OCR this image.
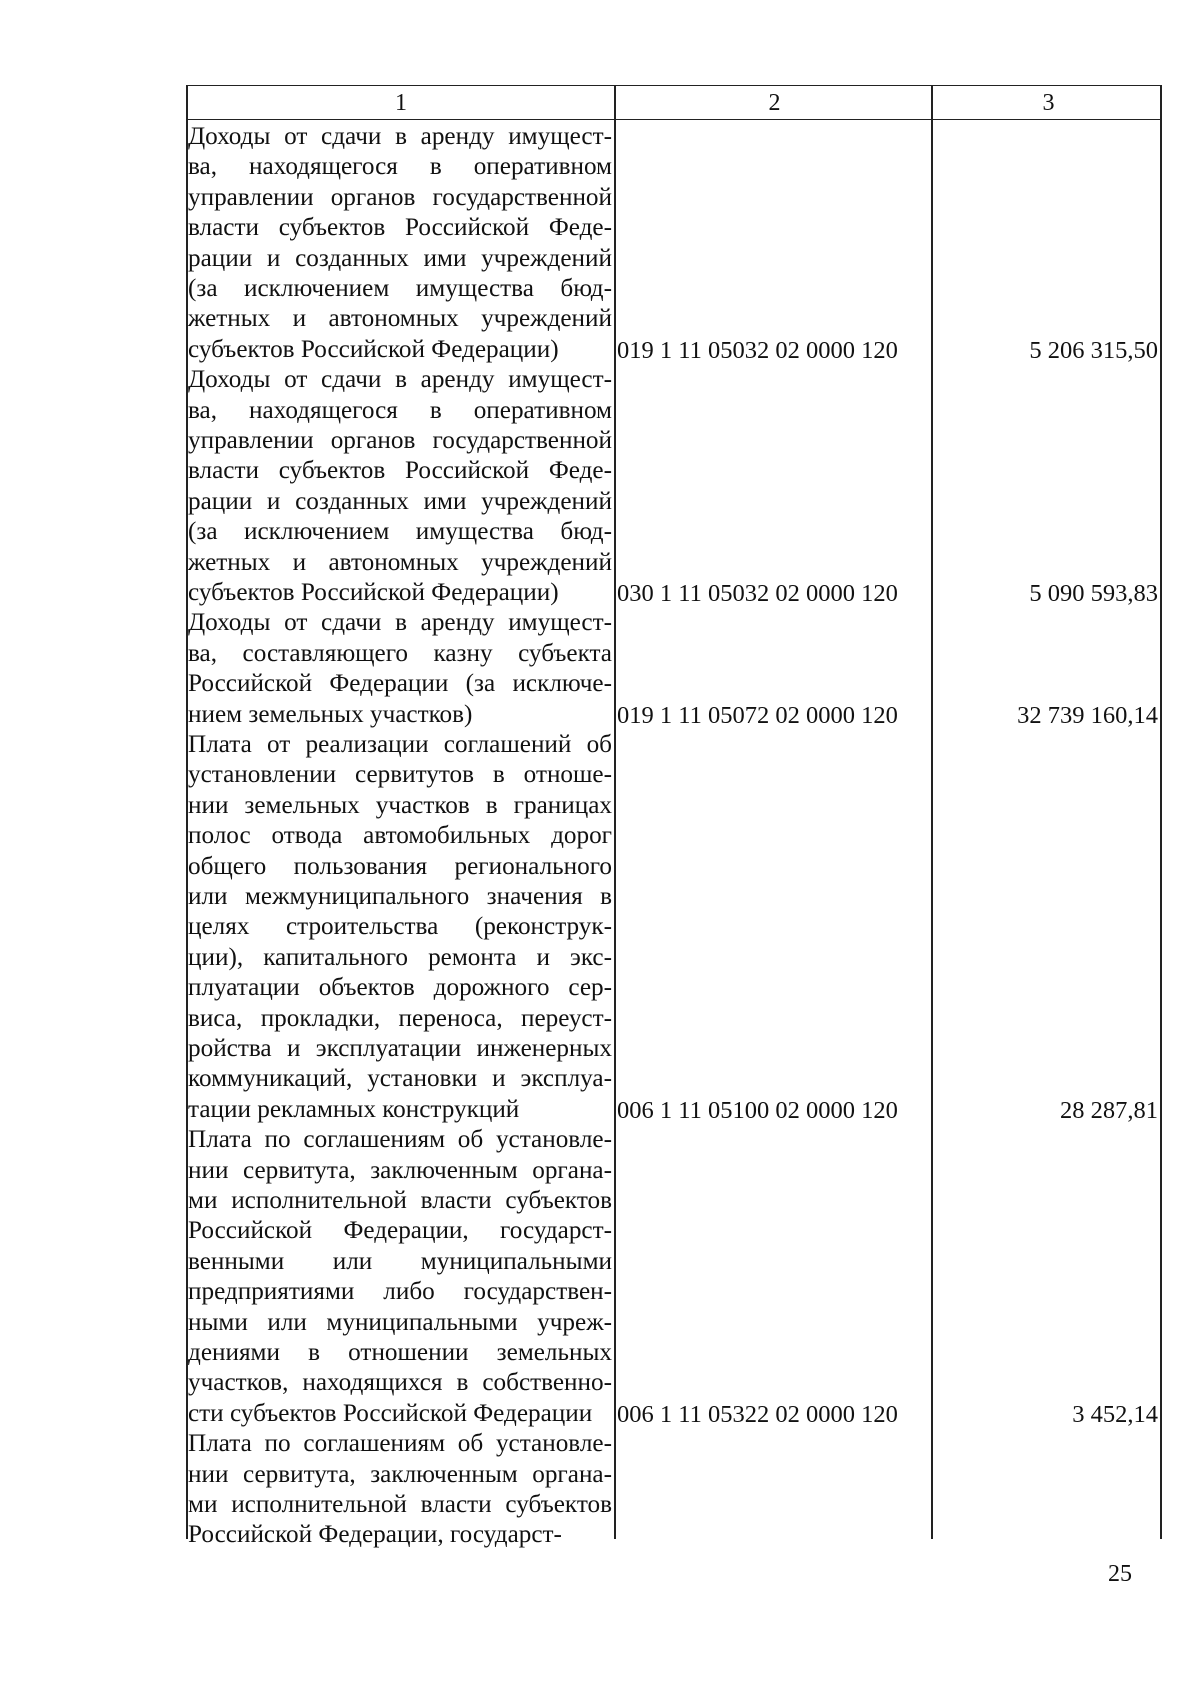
1	2	3
Доходы от сдачи в аренду имущест-
ва, находящегося в оперативном
управлении органов государственной
власти субъектов Российской Феде-
рации и созданных ими учреждений
(за исключением имущества бюд-
жетных и автономных учреждений
субъектов Российской Федерации)	019 1 11 05032 02 0000 120	5 206 315,50
Доходы от сдачи в аренду имущест-
ва, находящегося в оперативном
управлении органов государственной
власти субъектов Российской Феде-
рации и созданных ими учреждений
(за исключением имущества бюд-
жетных и автономных учреждений
субъектов Российской Федерации)	030 1 11 05032 02 0000 120	5 090 593,83
Доходы от сдачи в аренду имущест-
ва, составляющего казну субъекта
Российской Федерации (за исключе-
нием земельных участков)	019 1 11 05072 02 0000 120	32 739 160,14
Плата от реализации соглашений об
установлении сервитутов в отноше-
нии земельных участков в границах
полос отвода автомобильных дорог
общего пользования регионального
или межмуниципального значения в
целях строительства (реконструк-
ции), капитального ремонта и экс-
плуатации объектов дорожного сер-
виса, прокладки, переноса, переуст-
ройства и эксплуатации инженерных
коммуникаций, установки и эксплуа-
тации рекламных конструкций	006 1 11 05100 02 0000 120	28 287,81
Плата по соглашениям об установле-
нии сервитута, заключенным органа-
ми исполнительной власти субъектов
Российской Федерации, государст-
венными или муниципальными
предприятиями либо государствен-
ными или муниципальными учреж-
дениями в отношении земельных
участков, находящихся в собственно-
сти субъектов Российской Федерации	006 1 11 05322 02 0000 120	3 452,14
Плата по соглашениям об установле-
нии сервитута, заключенным органа-
ми исполнительной власти субъектов
Российской Федерации, государст-
25
